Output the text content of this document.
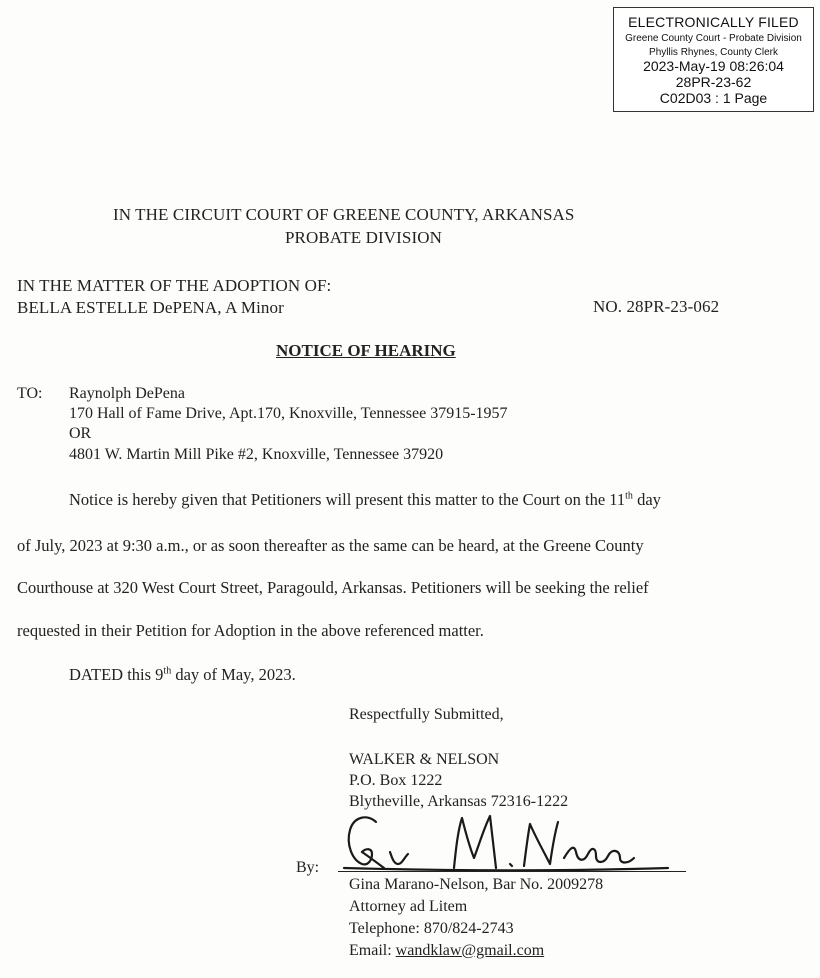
ELECTRONICALLY FILED
Greene County Court - Probate Division
Phyllis Rhynes, County Clerk
2023-May-19 08:26:04
28PR-23-62
C02D03 : 1 Page
IN THE CIRCUIT COURT OF GREENE COUNTY, ARKANSAS
PROBATE DIVISION
IN THE MATTER OF THE ADOPTION OF:
BELLA ESTELLE DePENA, A Minor	NO. 28PR-23-062
NOTICE OF HEARING
TO: Raynolph DePena
170 Hall of Fame Drive, Apt.170, Knoxville, Tennessee 37915-1957
OR
4801 W. Martin Mill Pike #2, Knoxville, Tennessee 37920
Notice is hereby given that Petitioners will present this matter to the Court on the 11th day
of July, 2023 at 9:30 a.m., or as soon thereafter as the same can be heard, at the Greene County
Courthouse at 320 West Court Street, Paragould, Arkansas. Petitioners will be seeking the relief
requested in their Petition for Adoption in the above referenced matter.
DATED this 9th day of May, 2023.
Respectfully Submitted,
WALKER & NELSON
P.O. Box 1222
Blytheville, Arkansas 72316-1222
By:
Gina Marano-Nelson, Bar No. 2009278
Attorney ad Litem
Telephone: 870/824-2743
Email: wandklaw@gmail.com
